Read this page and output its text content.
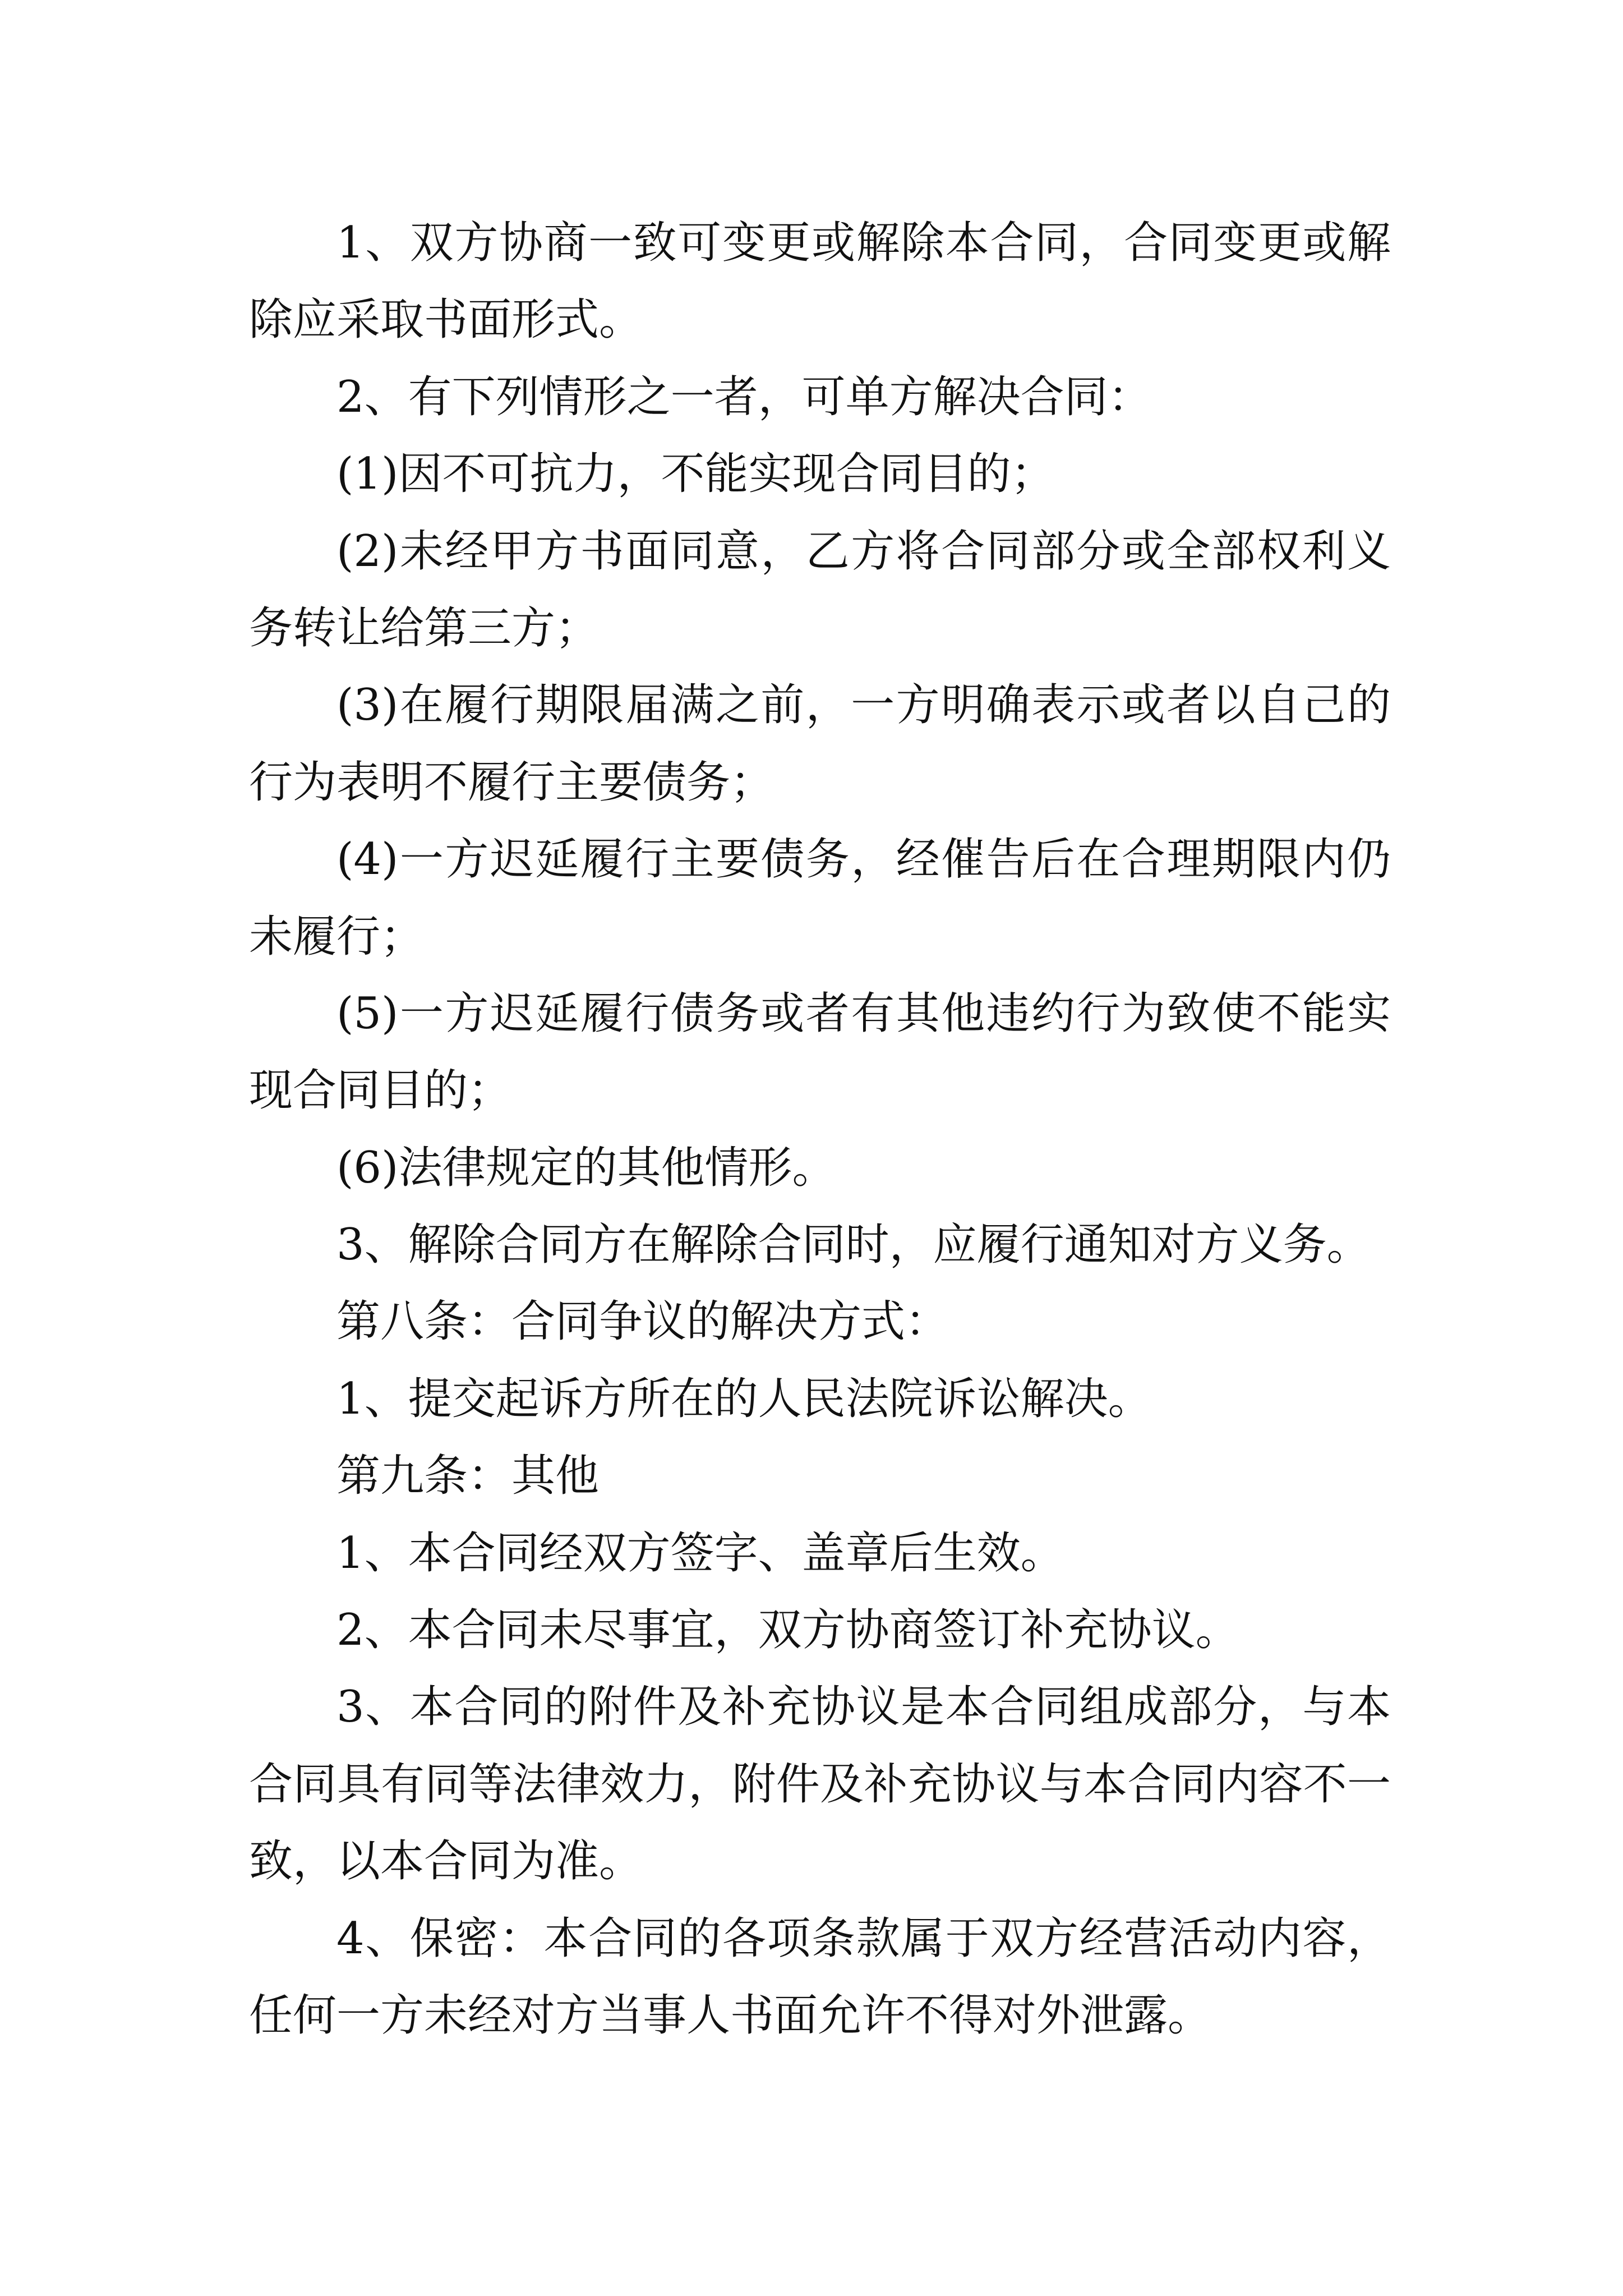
1、双方协商一致可变更或解除本合同，合同变更或解
除应采取书面形式。
2、有下列情形之一者，可单方解决合同：
(1)因不可抗力，不能实现合同目的；
(2)未经甲方书面同意，乙方将合同部分或全部权利义
务转让给第三方；
(3)在履行期限届满之前，一方明确表示或者以自己的
行为表明不履行主要债务；
(4)一方迟延履行主要债务，经催告后在合理期限内仍
未履行；
(5)一方迟延履行债务或者有其他违约行为致使不能实
现合同目的；
(6)法律规定的其他情形。
3、解除合同方在解除合同时，应履行通知对方义务。
第八条：合同争议的解决方式：
1、提交起诉方所在的人民法院诉讼解决。
第九条：其他
1、本合同经双方签字、盖章后生效。
2、本合同未尽事宜，双方协商签订补充协议。
3、本合同的附件及补充协议是本合同组成部分，与本
合同具有同等法律效力，附件及补充协议与本合同内容不一
致，以本合同为准。
4、保密：本合同的各项条款属于双方经营活动内容，
任何一方未经对方当事人书面允许不得对外泄露。
